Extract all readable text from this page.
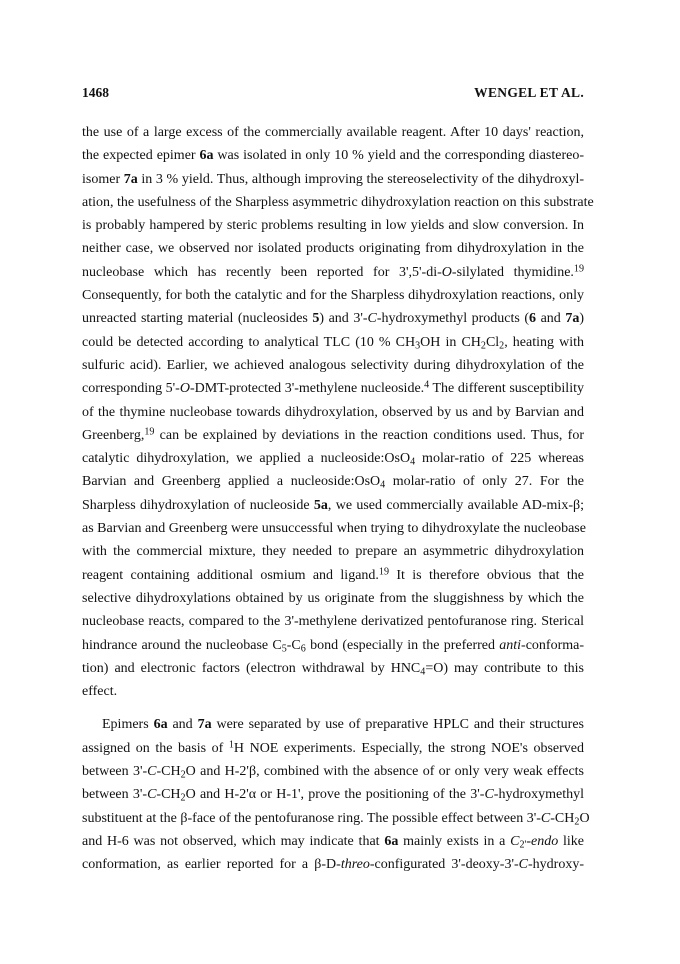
1468	WENGEL ET AL.
the use of a large excess of the commercially available reagent. After 10 days' reaction,
the expected epimer 6a was isolated in only 10 % yield and the corresponding diastereo-
isomer 7a in 3 % yield. Thus, although improving the stereoselectivity of the dihydroxyl-
ation, the usefulness of the Sharpless asymmetric dihydroxylation reaction on this substrate
is probably hampered by steric problems resulting in low yields and slow conversion. In
neither case, we observed nor isolated products originating from dihydroxylation in the
nucleobase which has recently been reported for 3',5'-di-O-silylated thymidine.$^{19}$
Consequently, for both the catalytic and for the Sharpless dihydroxylation reactions, only
unreacted starting material (nucleosides 5) and 3'-C-hydroxymethyl products (6 and 7a)
could be detected according to analytical TLC (10 % $CH_3OH$ in $CH_2Cl_2$, heating with
sulfuric acid). Earlier, we achieved analogous selectivity during dihydroxylation of the
corresponding 5'-O-DMT-protected 3'-methylene nucleoside.$^4$ The different susceptibility
of the thymine nucleobase towards dihydroxylation, observed by us and by Barvian and
Greenberg,$^{19}$ can be explained by deviations in the reaction conditions used. Thus, for
catalytic dihydroxylation, we applied a nucleoside:OsO$_4$ molar-ratio of 225 whereas
Barvian and Greenberg applied a nucleoside:OsO$_4$ molar-ratio of only 27. For the
Sharpless dihydroxylation of nucleoside 5a, we used commercially available AD-mix-β;
as Barvian and Greenberg were unsuccessful when trying to dihydroxylate the nucleobase
with the commercial mixture, they needed to prepare an asymmetric dihydroxylation
reagent containing additional osmium and ligand.$^{19}$ It is therefore obvious that the
selective dihydroxylations obtained by us originate from the sluggishness by which the
nucleobase reacts, compared to the 3'-methylene derivatized pentofuranose ring. Sterical
hindrance around the nucleobase $C_5-C_6$ bond (especially in the preferred anti-conforma-
tion) and electronic factors (electron withdrawal by $HNC_4=O$) may contribute to this
effect.
Epimers 6a and 7a were separated by use of preparative HPLC and their structures
assigned on the basis of $^1$H NOE experiments. Especially, the strong NOE's observed
between $3'-C-CH_2O$ and H-2'β, combined with the absence of or only very weak effects
between $3'-C-CH_2O$ and H-2'α or H-1', prove the positioning of the 3'-C-hydroxymethyl
substituent at the β-face of the pentofuranose ring. The possible effect between $3'-C-CH_2O$
and H-6 was not observed, which may indicate that 6a mainly exists in a $C_{2'}$-endo like
conformation, as earlier reported for a β-D-threo-configurated 3'-deoxy-3'-C-hydroxy-
